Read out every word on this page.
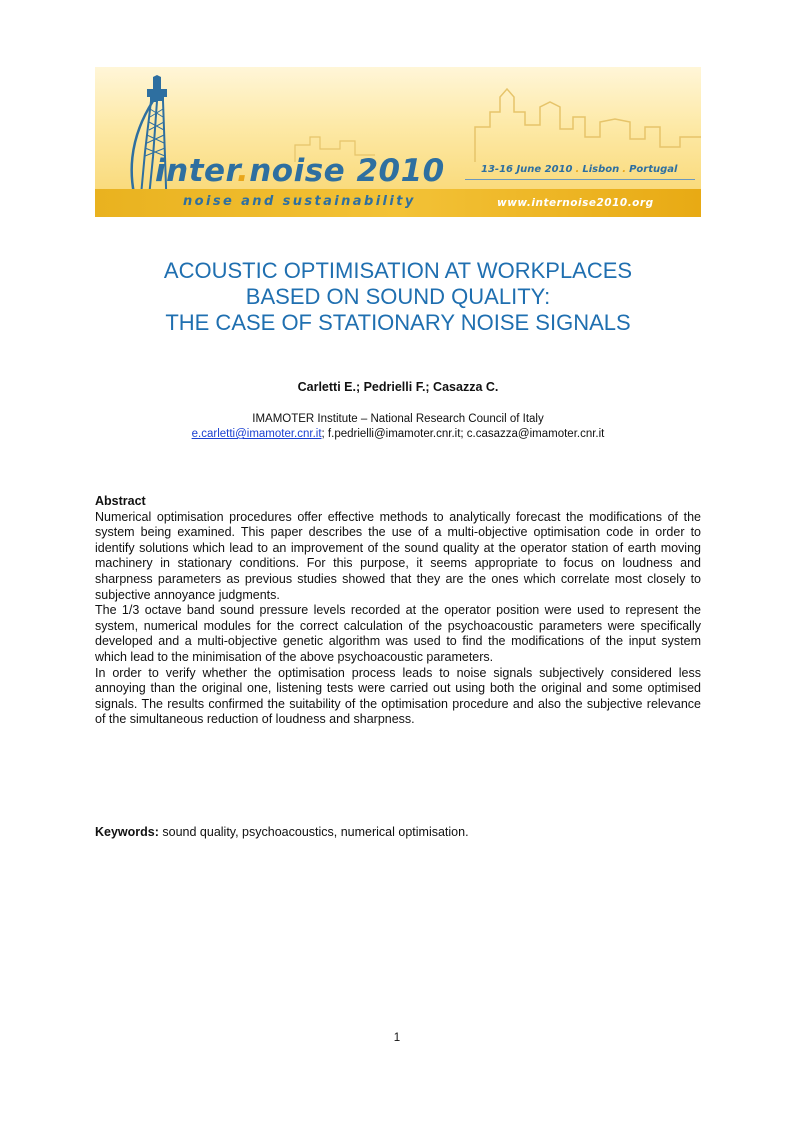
inter.noise 2010	13-16 June 2010 . Lisbon . Portugal
noise and sustainability	www.internoise2010.org
ACOUSTIC OPTIMISATION AT WORKPLACES
BASED ON SOUND QUALITY:
THE CASE OF STATIONARY NOISE SIGNALS
Carletti E.; Pedrielli F.; Casazza C.
IMAMOTER Institute – National Research Council of Italy
e.carletti@imamoter.cnr.it; f.pedrielli@imamoter.cnr.it; c.casazza@imamoter.cnr.it
Abstract

Numerical optimisation procedures offer effective methods to analytically forecast the modifications of the system being examined. This paper describes the use of a multi-objective optimisation code in order to identify solutions which lead to an improvement of the sound quality at the operator station of earth moving machinery in stationary conditions. For this purpose, it seems appropriate to focus on loudness and sharpness parameters as previous studies showed that they are the ones which correlate most closely to subjective annoyance judgments.

The 1/3 octave band sound pressure levels recorded at the operator position were used to represent the system, numerical modules for the correct calculation of the psychoacoustic parameters were specifically developed and a multi-objective genetic algorithm was used to find the modifications of the input system which lead to the minimisation of the above psychoacoustic parameters.

In order to verify whether the optimisation process leads to noise signals subjectively considered less annoying than the original one, listening tests were carried out using both the original and some optimised signals. The results confirmed the suitability of the optimisation procedure and also the subjective relevance of the simultaneous reduction of loudness and sharpness.

Keywords: sound quality, psychoacoustics, numerical optimisation.
1
